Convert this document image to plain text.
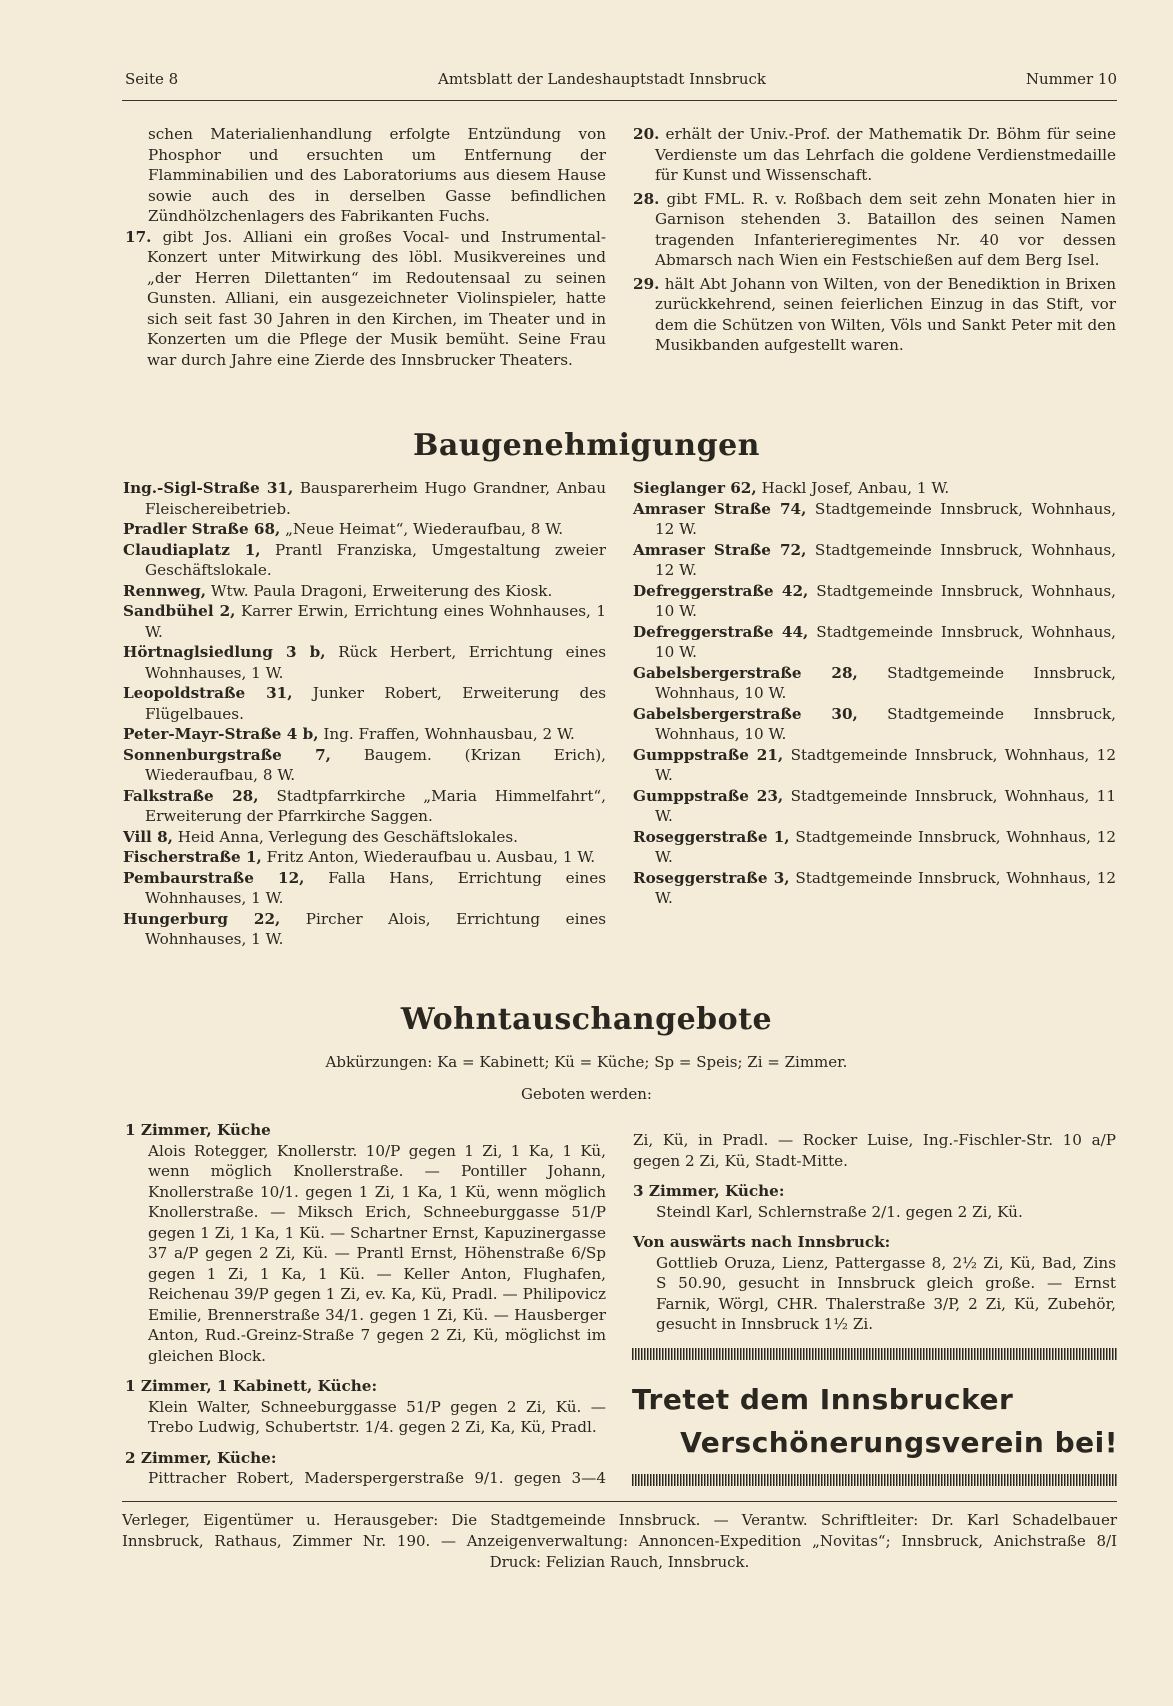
Seite 8	Amtsblatt der Landeshauptstadt Innsbruck	Nummer 10

schen Materialienhandlung erfolgte Entzündung von Phosphor und ersuchten um Entfernung der Flamminabilien und des Laboratoriums aus diesem Hause sowie auch des in derselben Gasse befindlichen Zündhölzchenlagers des Fabrikanten Fuchs.

17. gibt Jos. Alliani ein großes Vocal- und Instrumental-Konzert unter Mitwirkung des löbl. Musikvereines und „der Herren Dilettanten“ im Redoutensaal zu seinen Gunsten. Alliani, ein ausgezeichneter Violinspieler, hatte sich seit fast 30 Jahren in den Kirchen, im Theater und in Konzerten um die Pflege der Musik bemüht. Seine Frau war durch Jahre eine Zierde des Innsbrucker Theaters.

20. erhält der Univ.-Prof. der Mathematik Dr. Böhm für seine Verdienste um das Lehrfach die goldene Verdienstmedaille für Kunst und Wissenschaft.

28. gibt FML. R. v. Roßbach dem seit zehn Monaten hier in Garnison stehenden 3. Bataillon des seinen Namen tragenden Infanterieregimentes Nr. 40 vor dessen Abmarsch nach Wien ein Festschießen auf dem Berg Isel.

29. hält Abt Johann von Wilten, von der Benediktion in Brixen zurückkehrend, seinen feierlichen Einzug in das Stift, vor dem die Schützen von Wilten, Völs und Sankt Peter mit den Musikbanden aufgestellt waren.

Baugenehmigungen

Ing.-Sigl-Straße 31, Bausparerheim Hugo Grandner, Anbau Fleischereibetrieb.

Pradler Straße 68, „Neue Heimat“, Wiederaufbau, 8 W.

Claudiaplatz 1, Prantl Franziska, Umgestaltung zweier Geschäftslokale.

Rennweg, Wtw. Paula Dragoni, Erweiterung des Kiosk.

Sandbühel 2, Karrer Erwin, Errichtung eines Wohnhauses, 1 W.

Hörtnaglsiedlung 3 b, Rück Herbert, Errichtung eines Wohnhauses, 1 W.

Leopoldstraße 31, Junker Robert, Erweiterung des Flügelbaues.

Peter-Mayr-Straße 4 b, Ing. Fraffen, Wohnhausbau, 2 W.

Sonnenburgstraße 7, Baugem. (Krizan Erich), Wiederaufbau, 8 W.

Falkstraße 28, Stadtpfarrkirche „Maria Himmelfahrt“, Erweiterung der Pfarrkirche Saggen.

Vill 8, Heid Anna, Verlegung des Geschäftslokales.

Fischerstraße 1, Fritz Anton, Wiederaufbau u. Ausbau, 1 W.

Pembaurstraße 12, Falla Hans, Errichtung eines Wohnhauses, 1 W.

Hungerburg 22, Pircher Alois, Errichtung eines Wohnhauses, 1 W.

Sieglanger 62, Hackl Josef, Anbau, 1 W.

Amraser Straße 74, Stadtgemeinde Innsbruck, Wohnhaus, 12 W.

Amraser Straße 72, Stadtgemeinde Innsbruck, Wohnhaus, 12 W.

Defreggerstraße 42, Stadtgemeinde Innsbruck, Wohnhaus, 10 W.

Defreggerstraße 44, Stadtgemeinde Innsbruck, Wohnhaus, 10 W.

Gabelsbergerstraße 28, Stadtgemeinde Innsbruck, Wohnhaus, 10 W.

Gabelsbergerstraße 30, Stadtgemeinde Innsbruck, Wohnhaus, 10 W.

Gumppstraße 21, Stadtgemeinde Innsbruck, Wohnhaus, 12 W.

Gumppstraße 23, Stadtgemeinde Innsbruck, Wohnhaus, 11 W.

Roseggerstraße 1, Stadtgemeinde Innsbruck, Wohnhaus, 12 W.

Roseggerstraße 3, Stadtgemeinde Innsbruck, Wohnhaus, 12 W.

Wohntauschangebote
Abkürzungen: Ka = Kabinett; Kü = Küche; Sp = Speis; Zi = Zimmer.
Geboten werden:

1 Zimmer, Küche

Alois Rotegger, Knollerstr. 10/P gegen 1 Zi, 1 Ka, 1 Kü, wenn möglich Knollerstraße. — Pontiller Johann, Knollerstraße 10/1. gegen 1 Zi, 1 Ka, 1 Kü, wenn möglich Knollerstraße. — Miksch Erich, Schneeburggasse 51/P gegen 1 Zi, 1 Ka, 1 Kü. — Schartner Ernst, Kapuzinergasse 37 a/P gegen 2 Zi, Kü. — Prantl Ernst, Höhenstraße 6/Sp gegen 1 Zi, 1 Ka, 1 Kü. — Keller Anton, Flughafen, Reichenau 39/P gegen 1 Zi, ev. Ka, Kü, Pradl. — Philipovicz Emilie, Brennerstraße 34/1. gegen 1 Zi, Kü. — Hausberger Anton, Rud.-Greinz-Straße 7 gegen 2 Zi, Kü, möglichst im gleichen Block.

1 Zimmer, 1 Kabinett, Küche:

Klein Walter, Schneeburggasse 51/P gegen 2 Zi, Kü. — Trebo Ludwig, Schubertstr. 1/4. gegen 2 Zi, Ka, Kü, Pradl.

2 Zimmer, Küche:

Pittracher Robert, Maderspergerstraße 9/1. gegen 3—4

Zi, Kü, in Pradl. — Rocker Luise, Ing.-Fischler-Str. 10 a/P gegen 2 Zi, Kü, Stadt-Mitte.

3 Zimmer, Küche:

Steindl Karl, Schlernstraße 2/1. gegen 2 Zi, Kü.

Von auswärts nach Innsbruck:

Gottlieb Oruza, Lienz, Pattergasse 8, 2½ Zi, Kü, Bad, Zins S 50.90, gesucht in Innsbruck gleich große. — Ernst Farnik, Wörgl, CHR. Thalerstraße 3/P, 2 Zi, Kü, Zubehör, gesucht in Innsbruck 1½ Zi.

Tretet dem Innsbrucker
Verschönerungsverein bei!

Verleger, Eigentümer u. Herausgeber: Die Stadtgemeinde Innsbruck. — Verantw. Schriftleiter: Dr. Karl Schadelbauer

Innsbruck, Rathaus, Zimmer Nr. 190. — Anzeigenverwaltung: Annoncen-Expedition „Novitas“; Innsbruck, Anichstraße 8/I

Druck: Felizian Rauch, Innsbruck.
